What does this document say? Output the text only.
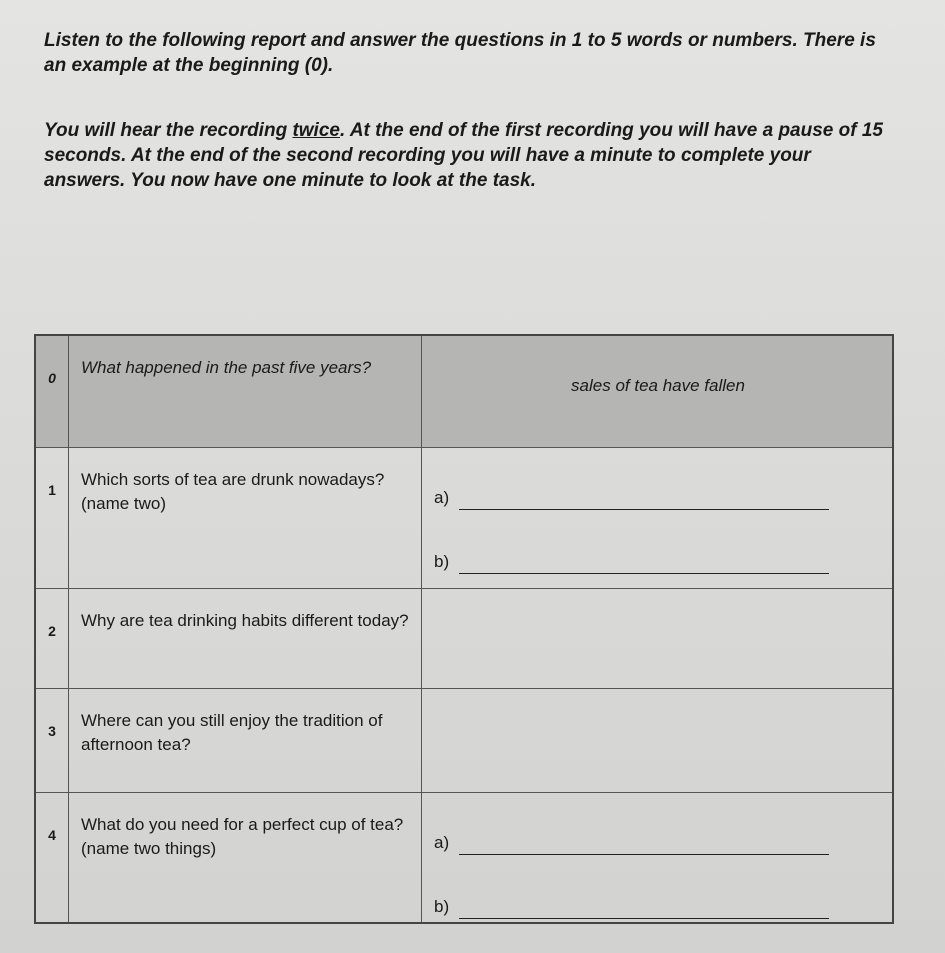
Listen to the following report and answer the questions in 1 to 5 words or numbers. There is an example at the beginning (0).

You will hear the recording twice. At the end of the first recording you will have a pause of 15 seconds. At the end of the second recording you will have a minute to complete your answers. You now have one minute to look at the task.

0	What happened in the past five years?	sales of tea have fallen
1	Which sorts of tea are drunk nowadays? (name two)	a)
b)

2	Why are tea drinking habits different today?	
3	Where can you still enjoy the tradition of afternoon tea?	
4	What do you need for a perfect cup of tea? (name two things)	a)
b)
